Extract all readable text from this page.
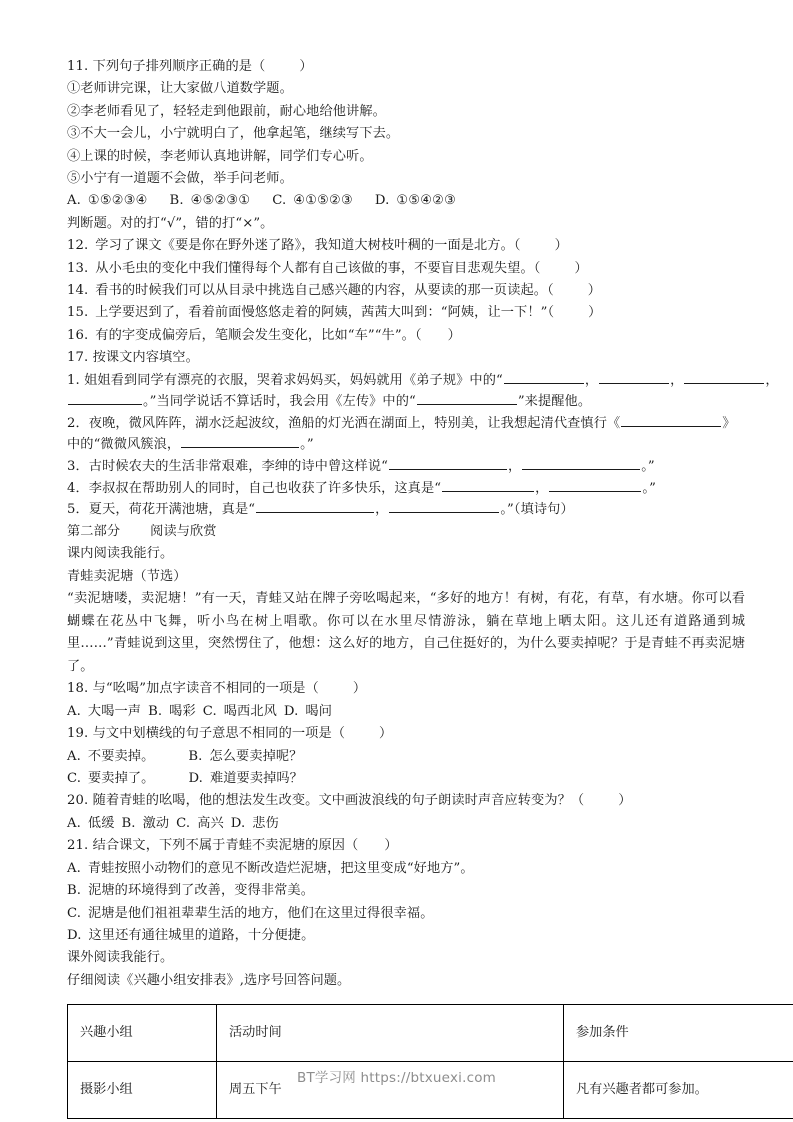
11. 下列句子排列顺序正确的是（	）
①老师讲完课，让大家做八道数学题。
②李老师看见了，轻轻走到他跟前，耐心地给他讲解。
③不大一会儿，小宁就明白了，他拿起笔，继续写下去。
④上课的时候，李老师认真地讲解，同学们专心听。
⑤小宁有一道题不会做，举手问老师。
A. ①⑤②③④ B. ④⑤②③① C. ④①⑤②③ D. ①⑤④②③
判断题。对的打“√”，错的打“×”。
12. 学习了课文《要是你在野外迷了路》，我知道大树枝叶稠的一面是北方。（	）
13. 从小毛虫的变化中我们懂得每个人都有自己该做的事，不要盲目悲观失望。（	）
14. 看书的时候我们可以从目录中挑选自己感兴趣的内容，从要读的那一页读起。（	）
15. 上学要迟到了，看着前面慢悠悠走着的阿姨，茜茜大叫到：“阿姨，让一下！”（	）
16. 有的字变成偏旁后，笔顺会发生变化，比如“车”“牛”。（ ）
17. 按课文内容填空。
1. 姐姐看到同学有漂亮的衣服，哭着求妈妈买，妈妈就用《弟子规》中的“	，	，	，
。”当同学说话不算话时，我会用《左传》中的“	”来提醒他。
2．夜晚，微风阵阵，湖水泛起波纹，渔船的灯光洒在湖面上，特别美，让我想起清代查慎行《	》
中的“微微风簇浪，	。”
3．古时候农夫的生活非常艰难，李绅的诗中曾这样说“	，	。”
4．李叔叔在帮助别人的同时，自己也收获了许多快乐，这真是“	，	。”
5．夏天，荷花开满池塘，真是“	，	。”（填诗句）
第二部分 阅读与欣赏
课内阅读我能行。
青蛙卖泥塘（节选）
“卖泥塘喽，卖泥塘！”有一天，青蛙又站在牌子旁吆喝起来，“多好的地方！有树，有花，有草，有水塘。你可以看蝴蝶在花丛中飞舞，听小鸟在树上唱歌。你可以在水里尽情游泳，躺在草地上晒太阳。这儿还有道路通到城里……”青蛙说到这里，突然愣住了，他想：这么好的地方，自己住挺好的，为什么要卖掉呢？于是青蛙不再卖泥塘了。
18. 与“吆喝”加点字读音不相同的一项是（	）
A. 大喝一声 B. 喝彩 C. 喝西北风 D. 喝问
19. 与文中划横线的句子意思不相同的一项是（	）
A. 不要卖掉。	B. 怎么要卖掉呢？
C. 要卖掉了。	D. 难道要卖掉吗？
20. 随着青蛙的吆喝，他的想法发生改变。文中画波浪线的句子朗读时声音应转变为？（	）
A. 低缓 B. 激动 C. 高兴 D. 悲伤
21. 结合课文，下列不属于青蛙不卖泥塘的原因（ ）
A. 青蛙按照小动物们的意见不断改造烂泥塘，把这里变成“好地方”。
B. 泥塘的环境得到了改善，变得非常美。
C. 泥塘是他们祖祖辈辈生活的地方，他们在这里过得很幸福。
D. 这里还有通往城里的道路，十分便捷。
课外阅读我能行。
仔细阅读《兴趣小组安排表》,选序号回答问题。
兴趣小组	活动时间	参加条件
摄影小组	周五下午	凡有兴趣者都可参加。
BT学习网 https://btxuexi.com
